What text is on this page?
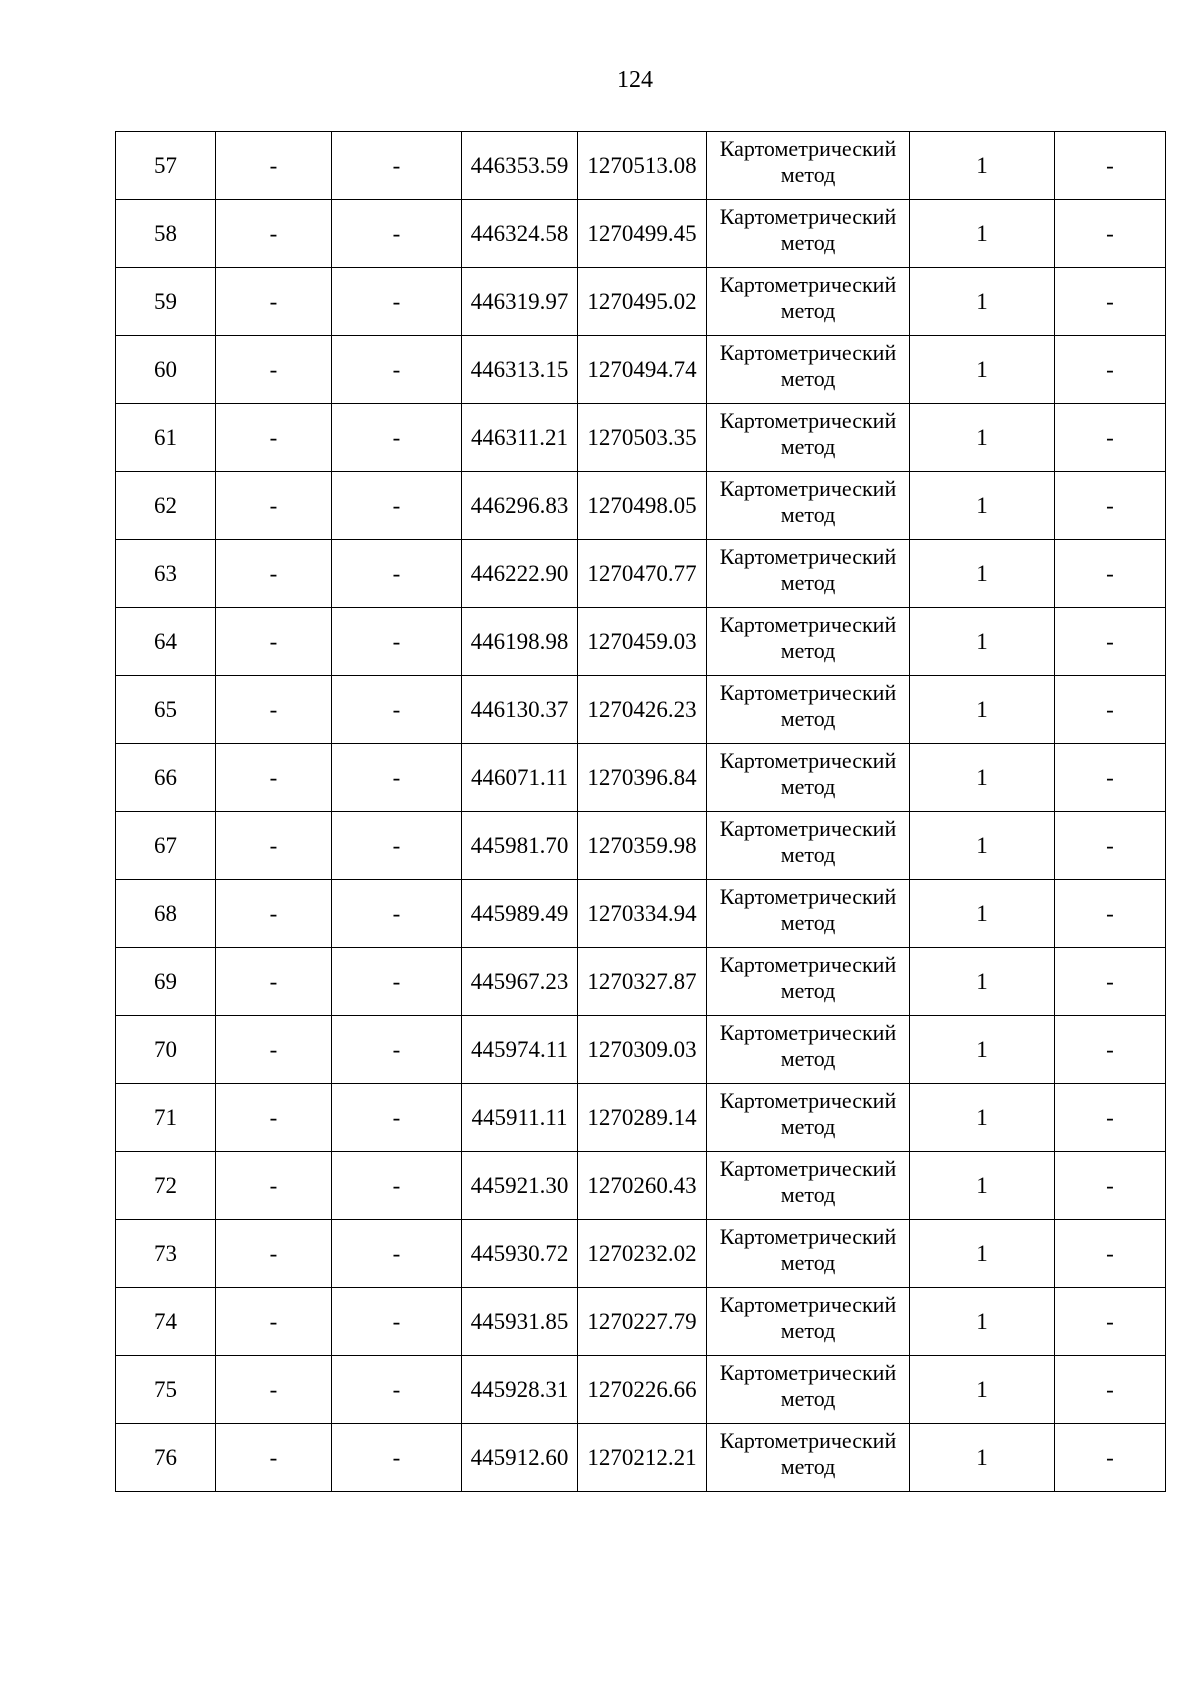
124
57	-	-	446353.59	1270513.08	Картометрический метод	1	-
58	-	-	446324.58	1270499.45	Картометрический метод	1	-
59	-	-	446319.97	1270495.02	Картометрический метод	1	-
60	-	-	446313.15	1270494.74	Картометрический метод	1	-
61	-	-	446311.21	1270503.35	Картометрический метод	1	-
62	-	-	446296.83	1270498.05	Картометрический метод	1	-
63	-	-	446222.90	1270470.77	Картометрический метод	1	-
64	-	-	446198.98	1270459.03	Картометрический метод	1	-
65	-	-	446130.37	1270426.23	Картометрический метод	1	-
66	-	-	446071.11	1270396.84	Картометрический метод	1	-
67	-	-	445981.70	1270359.98	Картометрический метод	1	-
68	-	-	445989.49	1270334.94	Картометрический метод	1	-
69	-	-	445967.23	1270327.87	Картометрический метод	1	-
70	-	-	445974.11	1270309.03	Картометрический метод	1	-
71	-	-	445911.11	1270289.14	Картометрический метод	1	-
72	-	-	445921.30	1270260.43	Картометрический метод	1	-
73	-	-	445930.72	1270232.02	Картометрический метод	1	-
74	-	-	445931.85	1270227.79	Картометрический метод	1	-
75	-	-	445928.31	1270226.66	Картометрический метод	1	-
76	-	-	445912.60	1270212.21	Картометрический метод	1	-
